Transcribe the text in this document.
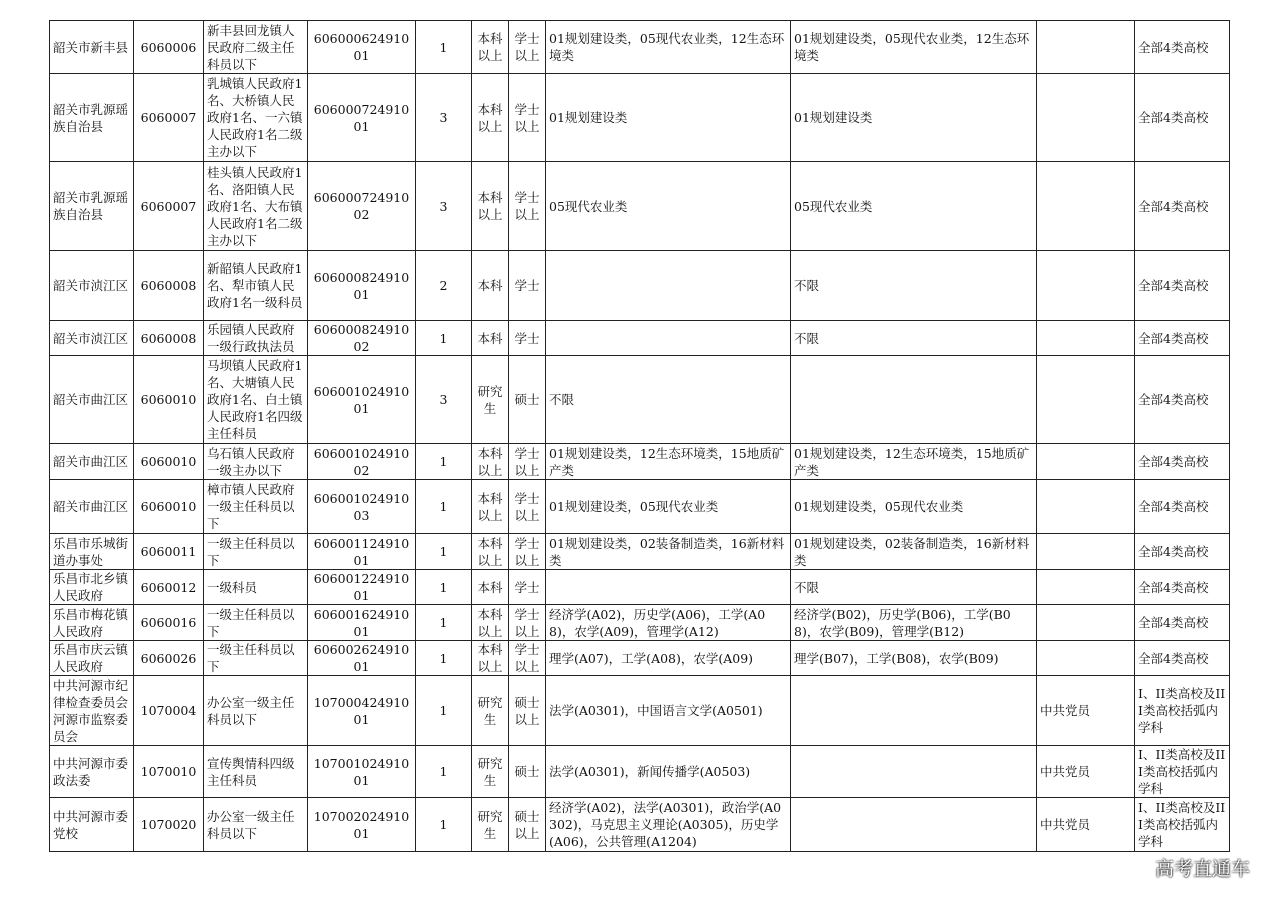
韶关市新丰县	6060006	新丰县回龙镇人民政府二级主任科员以下	60600062491001	1	本科以上	学士以上	01规划建设类，05现代农业类，12生态环境类	01规划建设类，05现代农业类，12生态环境类		全部4类高校
韶关市乳源瑶族自治县	6060007	乳城镇人民政府1名、大桥镇人民政府1名、一六镇人民政府1名二级主办以下	60600072491001	3	本科以上	学士以上	01规划建设类	01规划建设类		全部4类高校
韶关市乳源瑶族自治县	6060007	桂头镇人民政府1名、洛阳镇人民政府1名、大布镇人民政府1名二级主办以下	60600072491002	3	本科以上	学士以上	05现代农业类	05现代农业类		全部4类高校
韶关市浈江区	6060008	新韶镇人民政府1名、犁市镇人民政府1名一级科员	60600082491001	2	本科	学士		不限		全部4类高校
韶关市浈江区	6060008	乐园镇人民政府一级行政执法员	60600082491002	1	本科	学士		不限		全部4类高校
韶关市曲江区	6060010	马坝镇人民政府1名、大塘镇人民政府1名、白土镇人民政府1名四级主任科员	60600102491001	3	研究生	硕士	不限			全部4类高校
韶关市曲江区	6060010	乌石镇人民政府一级主办以下	60600102491002	1	本科以上	学士以上	01规划建设类，12生态环境类，15地质矿产类	01规划建设类，12生态环境类，15地质矿产类		全部4类高校
韶关市曲江区	6060010	樟市镇人民政府一级主任科员以下	60600102491003	1	本科以上	学士以上	01规划建设类，05现代农业类	01规划建设类，05现代农业类		全部4类高校
乐昌市乐城街道办事处	6060011	一级主任科员以下	60600112491001	1	本科以上	学士以上	01规划建设类，02装备制造类，16新材料类	01规划建设类，02装备制造类，16新材料类		全部4类高校
乐昌市北乡镇人民政府	6060012	一级科员	60600122491001	1	本科	学士		不限		全部4类高校
乐昌市梅花镇人民政府	6060016	一级主任科员以下	60600162491001	1	本科以上	学士以上	经济学(A02)，历史学(A06)，工学(A08)，农学(A09)，管理学(A12)	经济学(B02)，历史学(B06)，工学(B08)，农学(B09)，管理学(B12)		全部4类高校
乐昌市庆云镇人民政府	6060026	一级主任科员以下	60600262491001	1	本科以上	学士以上	理学(A07)，工学(A08)，农学(A09)	理学(B07)，工学(B08)，农学(B09)		全部4类高校
中共河源市纪律检查委员会河源市监察委员会	1070004	办公室一级主任科员以下	10700042491001	1	研究生	硕士以上	法学(A0301)，中国语言文学(A0501)		中共党员	I、II类高校及III类高校括弧内学科
中共河源市委政法委	1070010	宣传舆情科四级主任科员	10700102491001	1	研究生	硕士	法学(A0301)，新闻传播学(A0503)		中共党员	I、II类高校及III类高校括弧内学科
中共河源市委党校	1070020	办公室一级主任科员以下	10700202491001	1	研究生	硕士以上	经济学(A02)，法学(A0301)，政治学(A0302)，马克思主义理论(A0305)，历史学(A06)，公共管理(A1204)		中共党员	I、II类高校及III类高校括弧内学科
高考直通车
